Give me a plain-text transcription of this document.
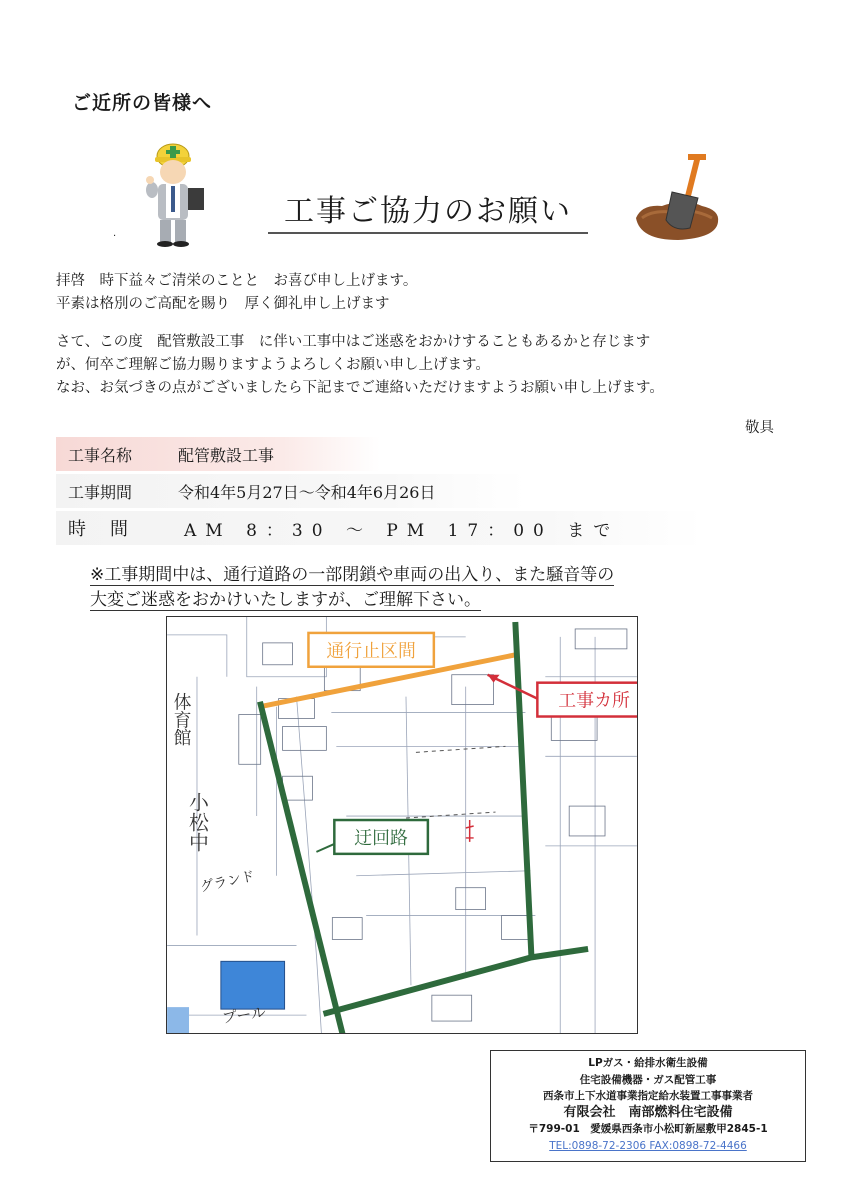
ご近所の皆様へ
·
工事ご協力のお願い
拝啓　時下益々ご清栄のことと　お喜び申し上げます。
平素は格別のご高配を賜り　厚く御礼申し上げます
さて、この度　配管敷設工事　に伴い工事中はご迷惑をおかけすることもあるかと存じます
が、何卒ご理解ご協力賜りますようよろしくお願い申し上げます。
なお、お気づきの点がございましたら下記までご連絡いただけますようお願い申し上げます。
敬具
工事名称	配管敷設工事
工事期間	令和4年5月27日～令和4年6月26日
時間	AM 8：30 ～ PM 17：00 まで
※工事期間中は、通行道路の一部閉鎖や車両の出入り、また騒音等の
大変ご迷惑をおかけいたしますが、ご理解下さい。
通行止区間
工事カ所
迂回路
体育館
小松中
グランド
プール
LPガス・給排水衛生設備
住宅設備機器・ガス配管工事
西条市上下水道事業指定給水装置工事事業者
有限会社　南部燃料住宅設備
〒799-01　愛媛県西条市小松町新屋敷甲2845-1
TEL:0898-72-2306 FAX:0898-72-4466
